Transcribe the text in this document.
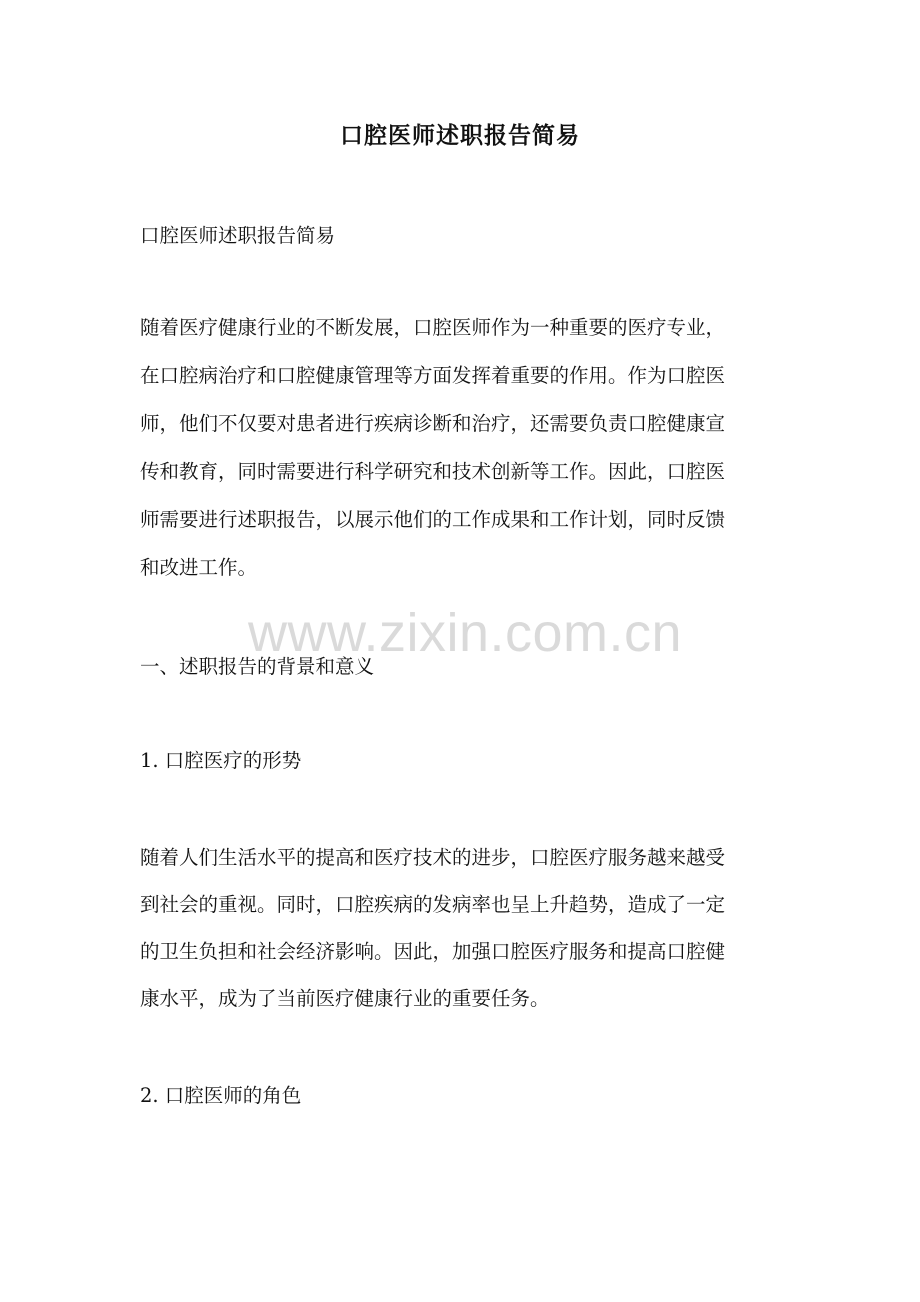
口腔医师述职报告简易
口腔医师述职报告简易
随着医疗健康行业的不断发展，口腔医师作为一种重要的医疗专业，
在口腔病治疗和口腔健康管理等方面发挥着重要的作用。作为口腔医
师，他们不仅要对患者进行疾病诊断和治疗，还需要负责口腔健康宣
传和教育，同时需要进行科学研究和技术创新等工作。因此，口腔医
师需要进行述职报告，以展示他们的工作成果和工作计划，同时反馈
和改进工作。
www.zixin.com.cn
一、述职报告的背景和意义
1. 口腔医疗的形势
随着人们生活水平的提高和医疗技术的进步，口腔医疗服务越来越受
到社会的重视。同时，口腔疾病的发病率也呈上升趋势，造成了一定
的卫生负担和社会经济影响。因此，加强口腔医疗服务和提高口腔健
康水平，成为了当前医疗健康行业的重要任务。
2. 口腔医师的角色
